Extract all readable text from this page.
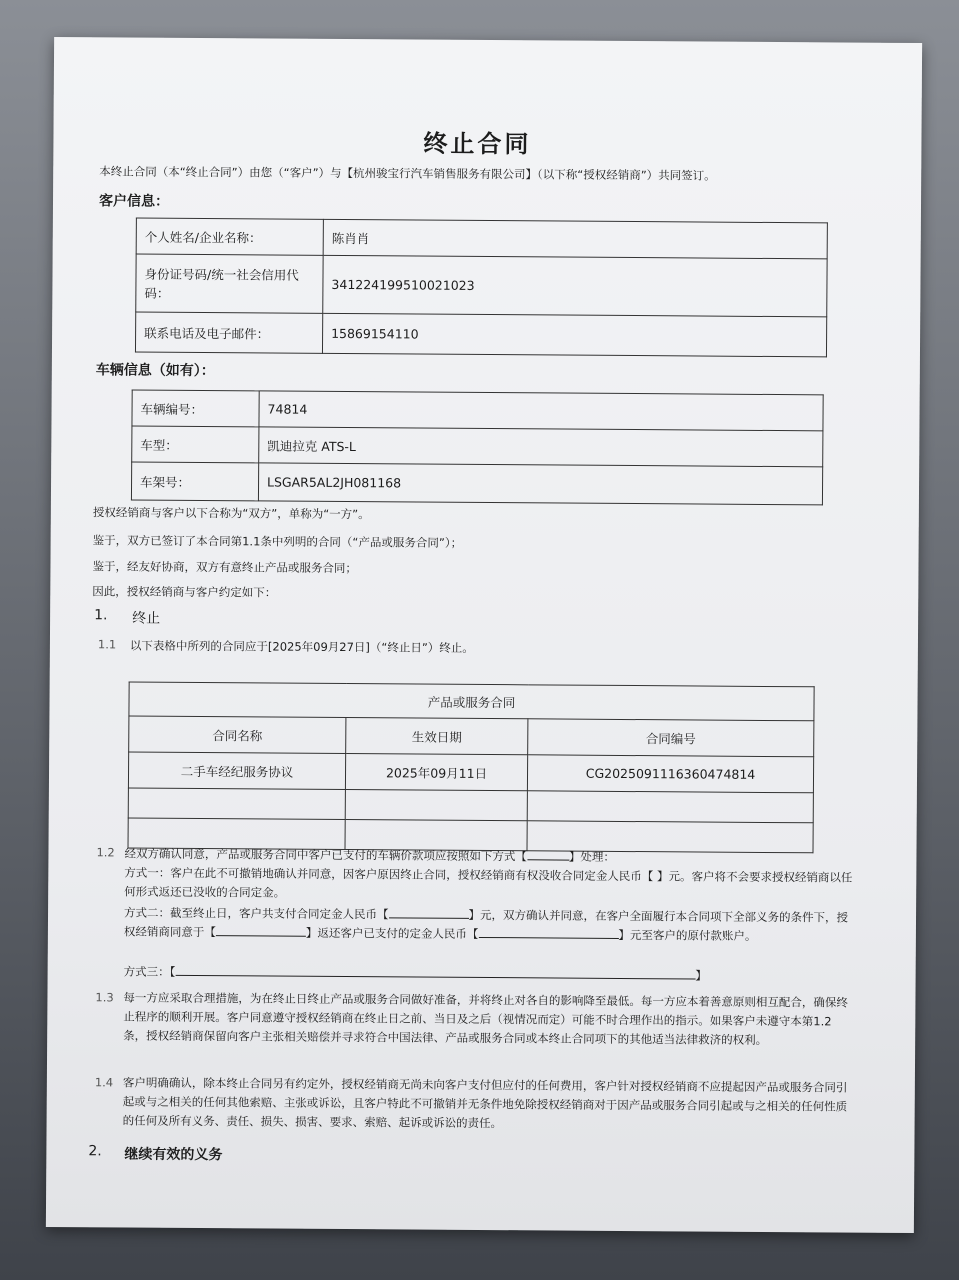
终止合同
本终止合同（本“终止合同”）由您（“客户”）与【杭州骏宝行汽车销售服务有限公司】（以下称“授权经销商”）共同签订。
客户信息：
个人姓名/企业名称：	陈肖肖
身份证号码/统一社会信用代码：	341224199510021023
联系电话及电子邮件：	15869154110
车辆信息（如有）：
车辆编号：	74814
车型：	凯迪拉克 ATS-L
车架号：	LSGAR5AL2JH081168
授权经销商与客户以下合称为“双方”，单称为“一方”。
鉴于，双方已签订了本合同第1.1条中列明的合同（“产品或服务合同”）；
鉴于，经友好协商，双方有意终止产品或服务合同；
因此，授权经销商与客户约定如下：
1. 终止
1.1 以下表格中所列的合同应于[2025年09月27日]（“终止日”）终止。
产品或服务合同		
合同名称	生效日期	合同编号
二手车经纪服务协议	2025年09月11日	CG2025091116360474814

1.2 经双方确认同意，产品或服务合同中客户已支付的车辆价款项应按照如下方式【	】处理：
方式一：客户在此不可撤销地确认并同意，因客户原因终止合同，授权经销商有权没收合同定金人民币【 】元。客户将不会要求授权经销商以任何形式返还已没收的合同定金。
方式二：截至终止日，客户共支付合同定金人民币【	】元，双方确认并同意，在客户全面履行本合同项下全部义务的条件下，授权经销商同意于【	】返还客户已支付的定金人民币【	】元至客户的原付款账户。
方式三：【	】
1.3 每一方应采取合理措施，为在终止日终止产品或服务合同做好准备，并将终止对各自的影响降至最低。每一方应本着善意原则相互配合，确保终止程序的顺利开展。客户同意遵守授权经销商在终止日之前、当日及之后（视情况而定）可能不时合理作出的指示。如果客户未遵守本第1.2条，授权经销商保留向客户主张相关赔偿并寻求符合中国法律、产品或服务合同或本终止合同项下的其他适当法律救济的权利。
1.4 客户明确确认，除本终止合同另有约定外，授权经销商无尚未向客户支付但应付的任何费用，客户针对授权经销商不应提起因产品或服务合同引起或与之相关的任何其他索赔、主张或诉讼，且客户特此不可撤销并无条件地免除授权经销商对于因产品或服务合同引起或与之相关的任何性质的任何及所有义务、责任、损失、损害、要求、索赔、起诉或诉讼的责任。
2. 继续有效的义务
